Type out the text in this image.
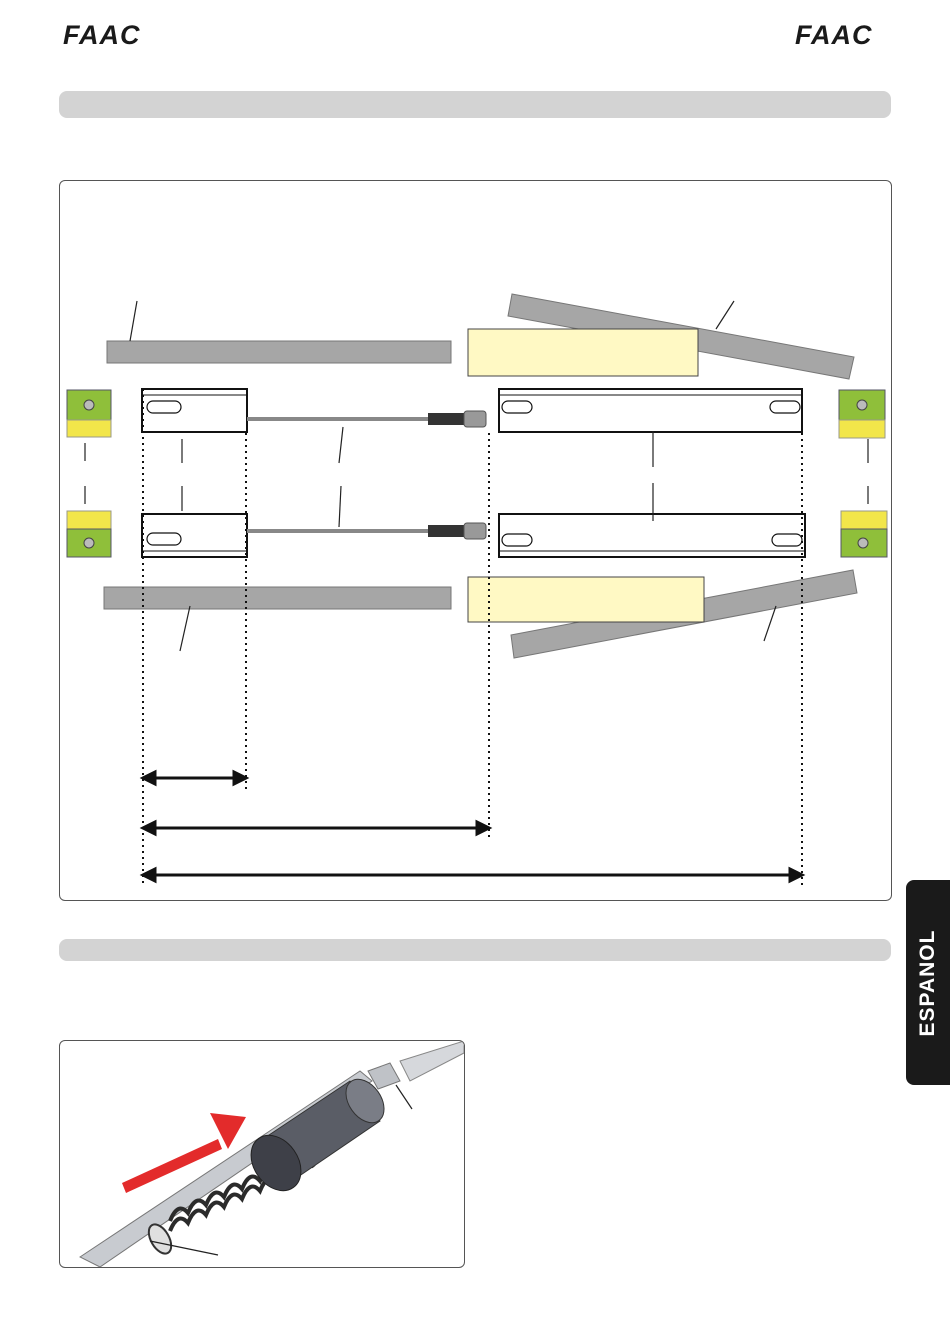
FAAC	FAAC
ESPANOL
